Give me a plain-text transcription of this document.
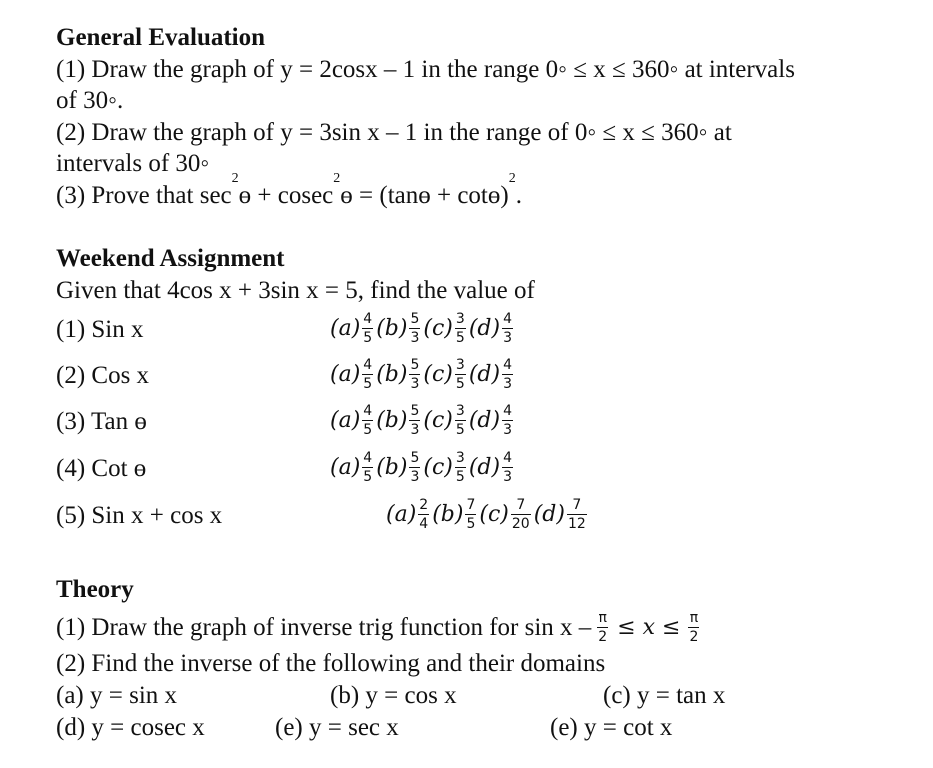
General Evaluation
(1) Draw the graph of y = 2cosx – 1 in the range 0◦ ≤ x ≤ 360◦ at intervals
of 30◦.
(2) Draw the graph of y = 3sin x – 1 in the range of 0◦ ≤ x ≤ 360◦ at
intervals of 30◦
(3) Prove that $\sec^2ɵ$ + cosec$^2$ɵ = (tanɵ + cotɵ)$^2$.
Weekend Assignment
Given that 4cos x + 3sin x = 5, find the value of
(1) Sin x	$(a) \frac{4}{5} (b) \frac{5}{3} (c) \frac{3}{5} (d) \frac{4}{3}$
(2) Cos x	$(a) \frac{4}{5} (b) \frac{5}{3} (c) \frac{3}{5} (d) \frac{4}{3}$
(3) Tan ɵ	$(a) \frac{4}{5} (b) \frac{5}{3} (c) \frac{3}{5} (d) \frac{4}{3}$
(4) Cot ɵ	$(a) \frac{4}{5} (b) \frac{5}{3} (c) \frac{3}{5} (d) \frac{4}{3}$
(5) Sin x + cos x	$(a) \frac{2}{4} (b) \frac{7}{5} (c) \frac{7}{20} (d) \frac{7}{12}$
Theory
(1) Draw the graph of inverse trig function for $\sin x - \frac{\pi}{2} \le x \le \frac{\pi}{2}$
(2) Find the inverse of the following and their domains
(a) y = sin x	(b) y = cos x	(c) y = tan x
(d) y = cosec x	(e) y = sec x	(e) y = cot x
